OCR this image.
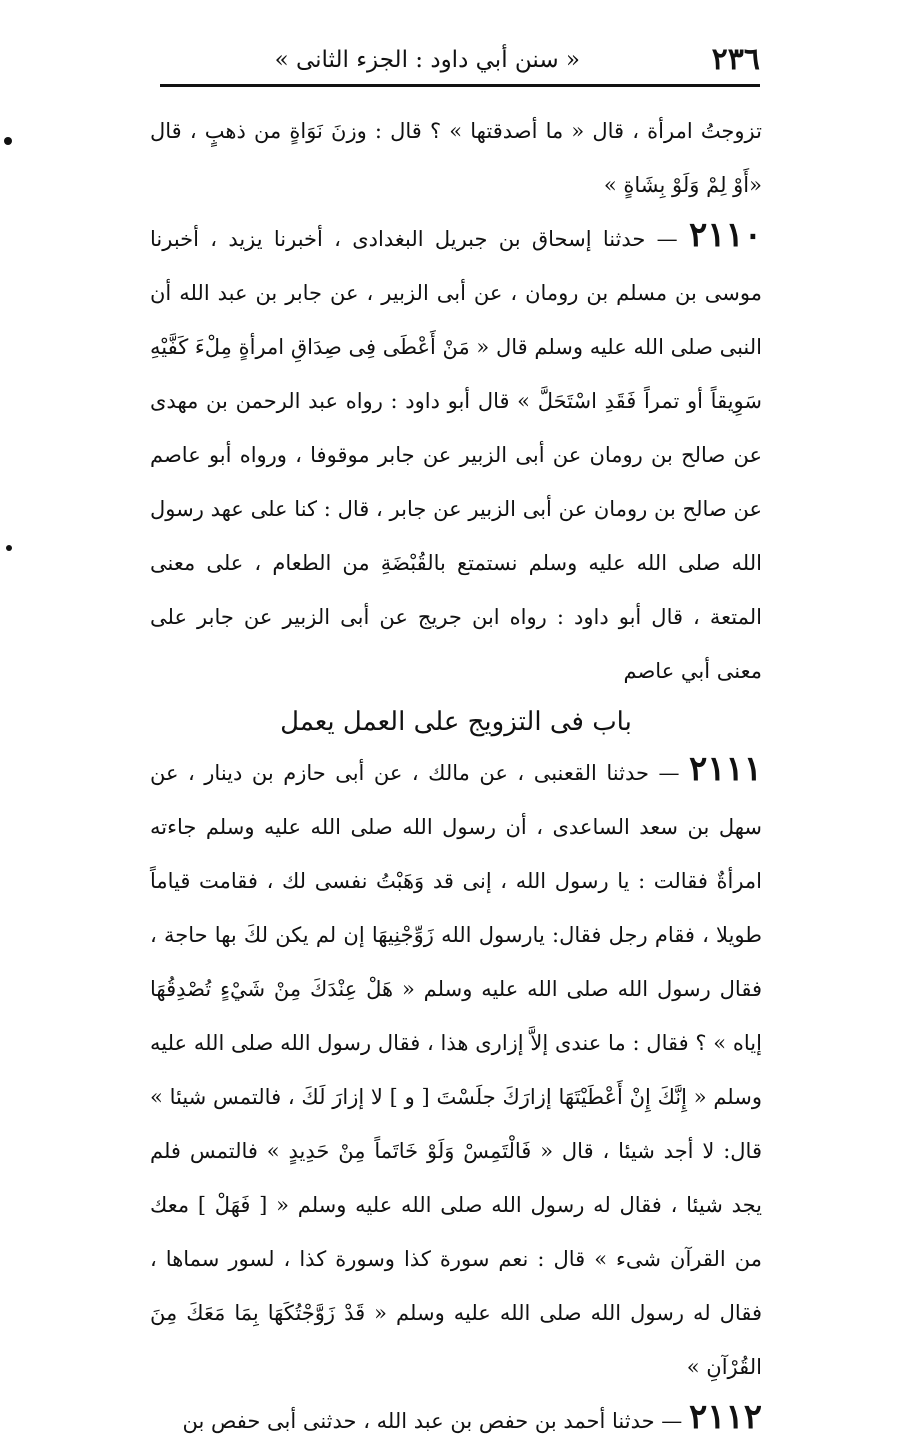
٢٣٦
« سنن أبي داود : الجزء الثانى »

تزوجتُ امرأة ، قال « ما أصدقتها » ؟ قال : وزنَ نَوَاةٍ من ذهبٍ ، قال «أَوْ لِمْ وَلَوْ بِشَاةٍ »

٢١١٠ — حدثنا إسحاق بن جبريل البغدادى ، أخبرنا يزيد ، أخبرنا موسى بن مسلم بن رومان ، عن أبى الزبير ، عن جابر بن عبد الله أن النبى صلى الله عليه وسلم قال « مَنْ أَعْطَى فِى صِدَاقِ امرأةٍ مِلْءَ كَفَّيْهِ سَوِيقاً أو تمراً فَقَدِ اسْتَحَلَّ » قال أبو داود : رواه عبد الرحمن بن مهدى عن صالح بن رومان عن أبى الزبير عن جابر موقوفا ، ورواه أبو عاصم عن صالح بن رومان عن أبى الزبير عن جابر ، قال : كنا على عهد رسول الله صلى الله عليه وسلم نستمتع بالقُبْضَةِ من الطعام ، على معنى المتعة ، قال أبو داود : رواه ابن جريج عن أبى الزبير عن جابر على معنى أبي عاصم

باب فى التزويج على العمل يعمل

٢١١١ — حدثنا القعنبى ، عن مالك ، عن أبى حازم بن دينار ، عن سهل بن سعد الساعدى ، أن رسول الله صلى الله عليه وسلم جاءته امرأةٌ فقالت : يا رسول الله ، إنى قد وَهَبْتُ نفسى لك ، فقامت قياماً طويلا ، فقام رجل فقال: يارسول الله زَوِّجْنِيهَا إن لم يكن لكَ بها حاجة ، فقال رسول الله صلى الله عليه وسلم « هَلْ عِنْدَكَ مِنْ شَيْءٍ تُصْدِقُهَا إياه » ؟ فقال : ما عندى إلاَّ إزارى هذا ، فقال رسول الله صلى الله عليه وسلم « إِنَّكَ إِنْ أَعْطَيْتَهَا إزارَكَ جلَسْتَ [ و ] لا إزارَ لَكَ ، فالتمس شيئا » قال: لا أجد شيئا ، قال « فَالْتَمِسْ وَلَوْ خَاتَماً مِنْ حَدِيدٍ » فالتمس فلم يجد شيئا ، فقال له رسول الله صلى الله عليه وسلم « [ فَهَلْ ] معك من القرآن شىء » قال : نعم سورة كذا وسورة كذا ، لسور سماها ، فقال له رسول الله صلى الله عليه وسلم « قَدْ زَوَّجْتُكَهَا بِمَا مَعَكَ مِنَ القُرْآنِ »

٢١١٢ — حدثنا أحمد بن حفص بن عبد الله ، حدثنى أبى حفص بن
